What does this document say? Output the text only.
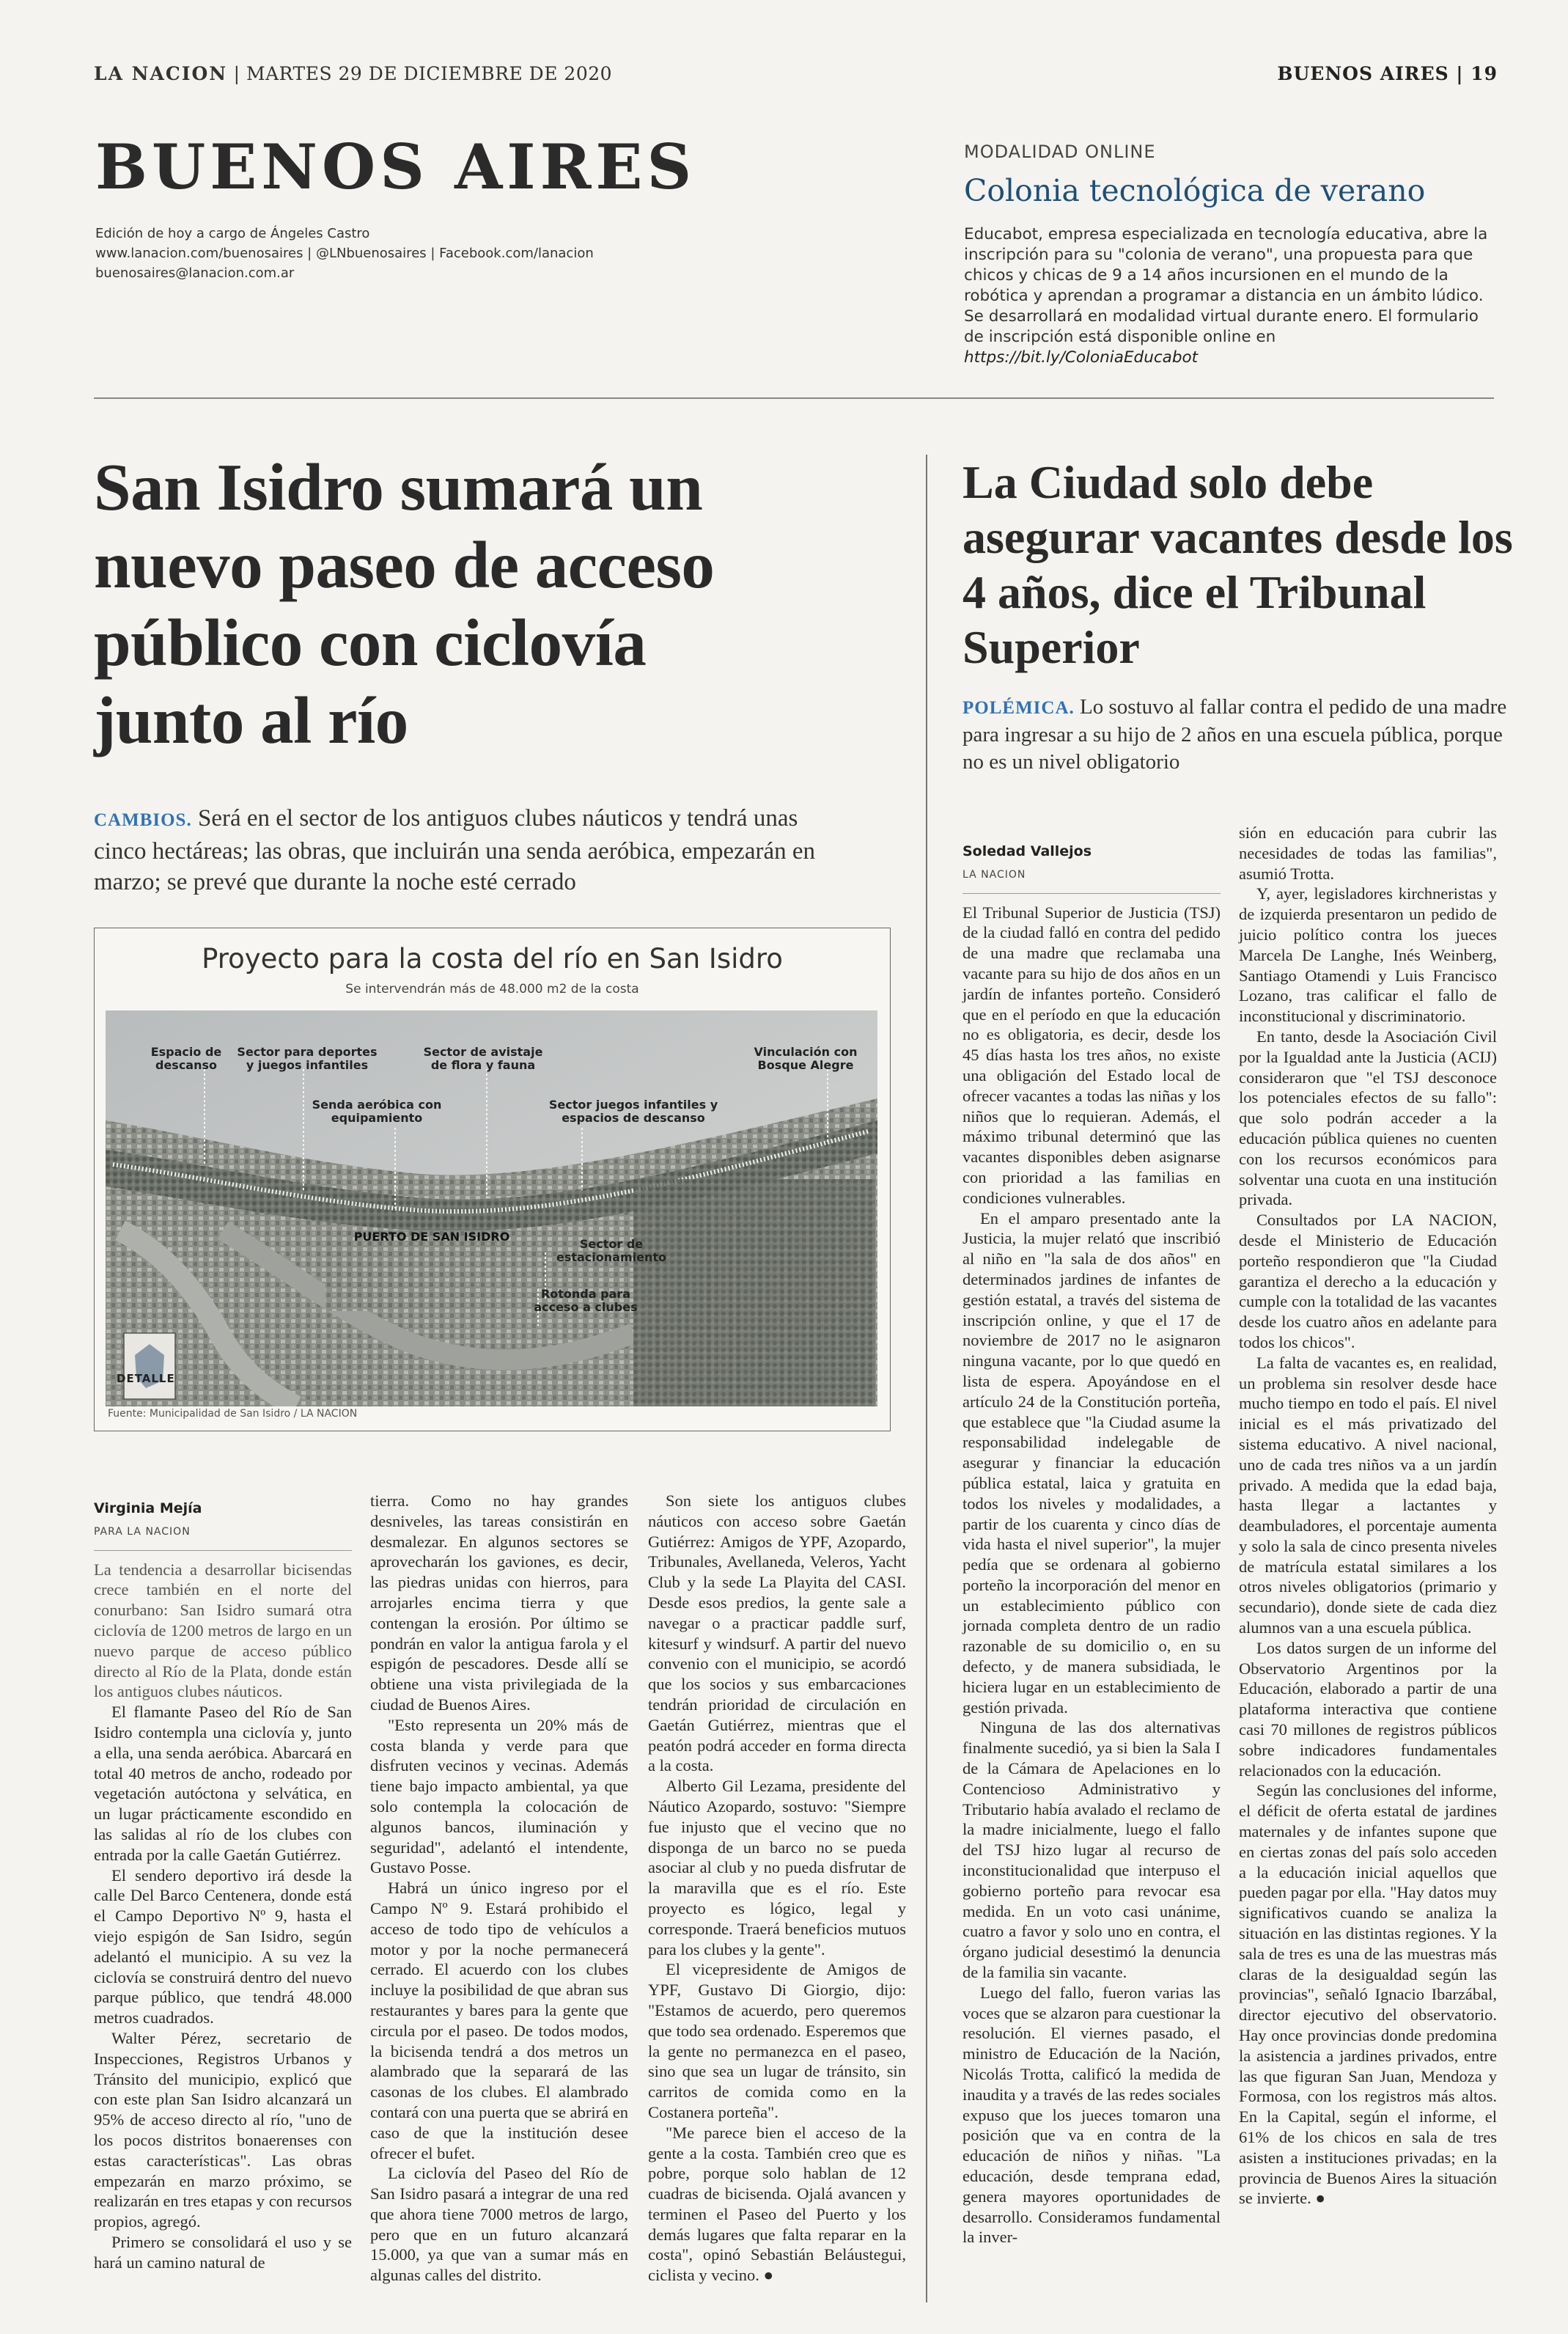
LA NACION | MARTES 29 DE DICIEMBRE DE 2020	BUENOS AIRES | 19
BUENOS AIRES
Edición de hoy a cargo de Ángeles Castro
www.lanacion.com/buenosaires | @LNbuenosaires | Facebook.com/lanacion
buenosaires@lanacion.com.ar
MODALIDAD ONLINE
Colonia tecnológica de verano
Educabot, empresa especializada en tecnología educativa, abre la inscripción para su "colonia de verano", una propuesta para que chicos y chicas de 9 a 14 años incursionen en el mundo de la robótica y aprendan a programar a distancia en un ámbito lúdico. Se desarrollará en modalidad virtual durante enero. El formulario de inscripción está disponible online en https://bit.ly/ColoniaEducabot
San Isidro sumará un nuevo paseo de acceso público con ciclovía junto al río
CAMBIOS. Será en el sector de los antiguos clubes náuticos y tendrá unas cinco hectáreas; las obras, que incluirán una senda aeróbica, empezarán en marzo; se prevé que durante la noche esté cerrado
Proyecto para la costa del río en San Isidro
Se intervendrán más de 48.000 m2 de la costa
Espacio de descanso
Sector para deportes y juegos infantiles
Sector de avistaje de flora y fauna
Vinculación con Bosque Alegre
Senda aeróbica con equipamiento
Sector juegos infantiles y espacios de descanso
PUERTO DE SAN ISIDRO
Sector de estacionamiento
Rotonda para acceso a clubes
DETALLE
Fuente: Municipalidad de San Isidro / LA NACION
Virginia Mejía
PARA LA NACION

La tendencia a desarrollar bicisendas crece también en el norte del conurbano: San Isidro sumará otra ciclovía de 1200 metros de largo en un nuevo parque de acceso público directo al Río de la Plata, donde están los antiguos clubes náuticos.

El flamante Paseo del Río de San Isidro contempla una ciclovía y, junto a ella, una senda aeróbica. Abarcará en total 40 metros de ancho, rodeado por vegetación autóctona y selvática, en un lugar prácticamente escondido en las salidas al río de los clubes con entrada por la calle Gaetán Gutiérrez.

El sendero deportivo irá desde la calle Del Barco Centenera, donde está el Campo Deportivo Nº 9, hasta el viejo espigón de San Isidro, según adelantó el municipio. A su vez la ciclovía se construirá dentro del nuevo parque público, que tendrá 48.000 metros cuadrados.

Walter Pérez, secretario de Inspecciones, Registros Urbanos y Tránsito del municipio, explicó que con este plan San Isidro alcanzará un 95% de acceso directo al río, "uno de los pocos distritos bonaerenses con estas características". Las obras empezarán en marzo próximo, se realizarán en tres etapas y con recursos propios, agregó.

Primero se consolidará el uso y se hará un camino natural de

tierra. Como no hay grandes desniveles, las tareas consistirán en desmalezar. En algunos sectores se aprovecharán los gaviones, es decir, las piedras unidas con hierros, para arrojarles encima tierra y que contengan la erosión. Por último se pondrán en valor la antigua farola y el espigón de pescadores. Desde allí se obtiene una vista privilegiada de la ciudad de Buenos Aires.

"Esto representa un 20% más de costa blanda y verde para que disfruten vecinos y vecinas. Además tiene bajo impacto ambiental, ya que solo contempla la colocación de algunos bancos, iluminación y seguridad", adelantó el intendente, Gustavo Posse.

Habrá un único ingreso por el Campo Nº 9. Estará prohibido el acceso de todo tipo de vehículos a motor y por la noche permanecerá cerrado. El acuerdo con los clubes incluye la posibilidad de que abran sus restaurantes y bares para la gente que circula por el paseo. De todos modos, la bicisenda tendrá a dos metros un alambrado que la separará de las casonas de los clubes. El alambrado contará con una puerta que se abrirá en caso de que la institución desee ofrecer el bufet.

La ciclovía del Paseo del Río de San Isidro pasará a integrar de una red que ahora tiene 7000 metros de largo, pero que en un futuro alcanzará 15.000, ya que van a sumar más en algunas calles del distrito.

Son siete los antiguos clubes náuticos con acceso sobre Gaetán Gutiérrez: Amigos de YPF, Azopardo, Tribunales, Avellaneda, Veleros, Yacht Club y la sede La Playita del CASI. Desde esos predios, la gente sale a navegar o a practicar paddle surf, kitesurf y windsurf. A partir del nuevo convenio con el municipio, se acordó que los socios y sus embarcaciones tendrán prioridad de circulación en Gaetán Gutiérrez, mientras que el peatón podrá acceder en forma directa a la costa.

Alberto Gil Lezama, presidente del Náutico Azopardo, sostuvo: "Siempre fue injusto que el vecino que no disponga de un barco no se pueda asociar al club y no pueda disfrutar de la maravilla que es el río. Este proyecto es lógico, legal y corresponde. Traerá beneficios mutuos para los clubes y la gente".

El vicepresidente de Amigos de YPF, Gustavo Di Giorgio, dijo: "Estamos de acuerdo, pero queremos que todo sea ordenado. Esperemos que la gente no permanezca en el paseo, sino que sea un lugar de tránsito, sin carritos de comida como en la Costanera porteña".

"Me parece bien el acceso de la gente a la costa. También creo que es pobre, porque solo hablan de 12 cuadras de bicisenda. Ojalá avancen y terminen el Paseo del Puerto y los demás lugares que falta reparar en la costa", opinó Sebastián Beláustegui, ciclista y vecino. ●

La Ciudad solo debe asegurar vacantes desde los 4 años, dice el Tribunal Superior
POLÉMICA. Lo sostuvo al fallar contra el pedido de una madre para ingresar a su hijo de 2 años en una escuela pública, porque no es un nivel obligatorio
Soledad Vallejos
LA NACION

El Tribunal Superior de Justicia (TSJ) de la ciudad falló en contra del pedido de una madre que reclamaba una vacante para su hijo de dos años en un jardín de infantes porteño. Consideró que en el período en que la educación no es obligatoria, es decir, desde los 45 días hasta los tres años, no existe una obligación del Estado local de ofrecer vacantes a todas las niñas y los niños que lo requieran. Además, el máximo tribunal determinó que las vacantes disponibles deben asignarse con prioridad a las familias en condiciones vulnerables.

En el amparo presentado ante la Justicia, la mujer relató que inscribió al niño en "la sala de dos años" en determinados jardines de infantes de gestión estatal, a través del sistema de inscripción online, y que el 17 de noviembre de 2017 no le asignaron ninguna vacante, por lo que quedó en lista de espera. Apoyándose en el artículo 24 de la Constitución porteña, que establece que "la Ciudad asume la responsabilidad indelegable de asegurar y financiar la educación pública estatal, laica y gratuita en todos los niveles y modalidades, a partir de los cuarenta y cinco días de vida hasta el nivel superior", la mujer pedía que se ordenara al gobierno porteño la incorporación del menor en un establecimiento público con jornada completa dentro de un radio razonable de su domicilio o, en su defecto, y de manera subsidiada, le hiciera lugar en un establecimiento de gestión privada.

Ninguna de las dos alternativas finalmente sucedió, ya si bien la Sala I de la Cámara de Apelaciones en lo Contencioso Administrativo y Tributario había avalado el reclamo de la madre inicialmente, luego el fallo del TSJ hizo lugar al recurso de inconstitucionalidad que interpuso el gobierno porteño para revocar esa medida. En un voto casi unánime, cuatro a favor y solo uno en contra, el órgano judicial desestimó la denuncia de la familia sin vacante.

Luego del fallo, fueron varias las voces que se alzaron para cuestionar la resolución. El viernes pasado, el ministro de Educación de la Nación, Nicolás Trotta, calificó la medida de inaudita y a través de las redes sociales expuso que los jueces tomaron una posición que va en contra de la educación de niños y niñas. "La educación, desde temprana edad, genera mayores oportunidades de desarrollo. Consideramos fundamental la inver-

sión en educación para cubrir las necesidades de todas las familias", asumió Trotta.

Y, ayer, legisladores kirchneristas y de izquierda presentaron un pedido de juicio político contra los jueces Marcela De Langhe, Inés Weinberg, Santiago Otamendi y Luis Francisco Lozano, tras calificar el fallo de inconstitucional y discriminatorio.

En tanto, desde la Asociación Civil por la Igualdad ante la Justicia (ACIJ) consideraron que "el TSJ desconoce los potenciales efectos de su fallo": que solo podrán acceder a la educación pública quienes no cuenten con los recursos económicos para solventar una cuota en una institución privada.

Consultados por LA NACION, desde el Ministerio de Educación porteño respondieron que "la Ciudad garantiza el derecho a la educación y cumple con la totalidad de las vacantes desde los cuatro años en adelante para todos los chicos".

La falta de vacantes es, en realidad, un problema sin resolver desde hace mucho tiempo en todo el país. El nivel inicial es el más privatizado del sistema educativo. A nivel nacional, uno de cada tres niños va a un jardín privado. A medida que la edad baja, hasta llegar a lactantes y deambuladores, el porcentaje aumenta y solo la sala de cinco presenta niveles de matrícula estatal similares a los otros niveles obligatorios (primario y secundario), donde siete de cada diez alumnos van a una escuela pública.

Los datos surgen de un informe del Observatorio Argentinos por la Educación, elaborado a partir de una plataforma interactiva que contiene casi 70 millones de registros públicos sobre indicadores fundamentales relacionados con la educación.

Según las conclusiones del informe, el déficit de oferta estatal de jardines maternales y de infantes supone que en ciertas zonas del país solo acceden a la educación inicial aquellos que pueden pagar por ella. "Hay datos muy significativos cuando se analiza la situación en las distintas regiones. Y la sala de tres es una de las muestras más claras de la desigualdad según las provincias", señaló Ignacio Ibarzábal, director ejecutivo del observatorio. Hay once provincias donde predomina la asistencia a jardines privados, entre las que figuran San Juan, Mendoza y Formosa, con los registros más altos. En la Capital, según el informe, el 61% de los chicos en sala de tres asisten a instituciones privadas; en la provincia de Buenos Aires la situación se invierte. ●
